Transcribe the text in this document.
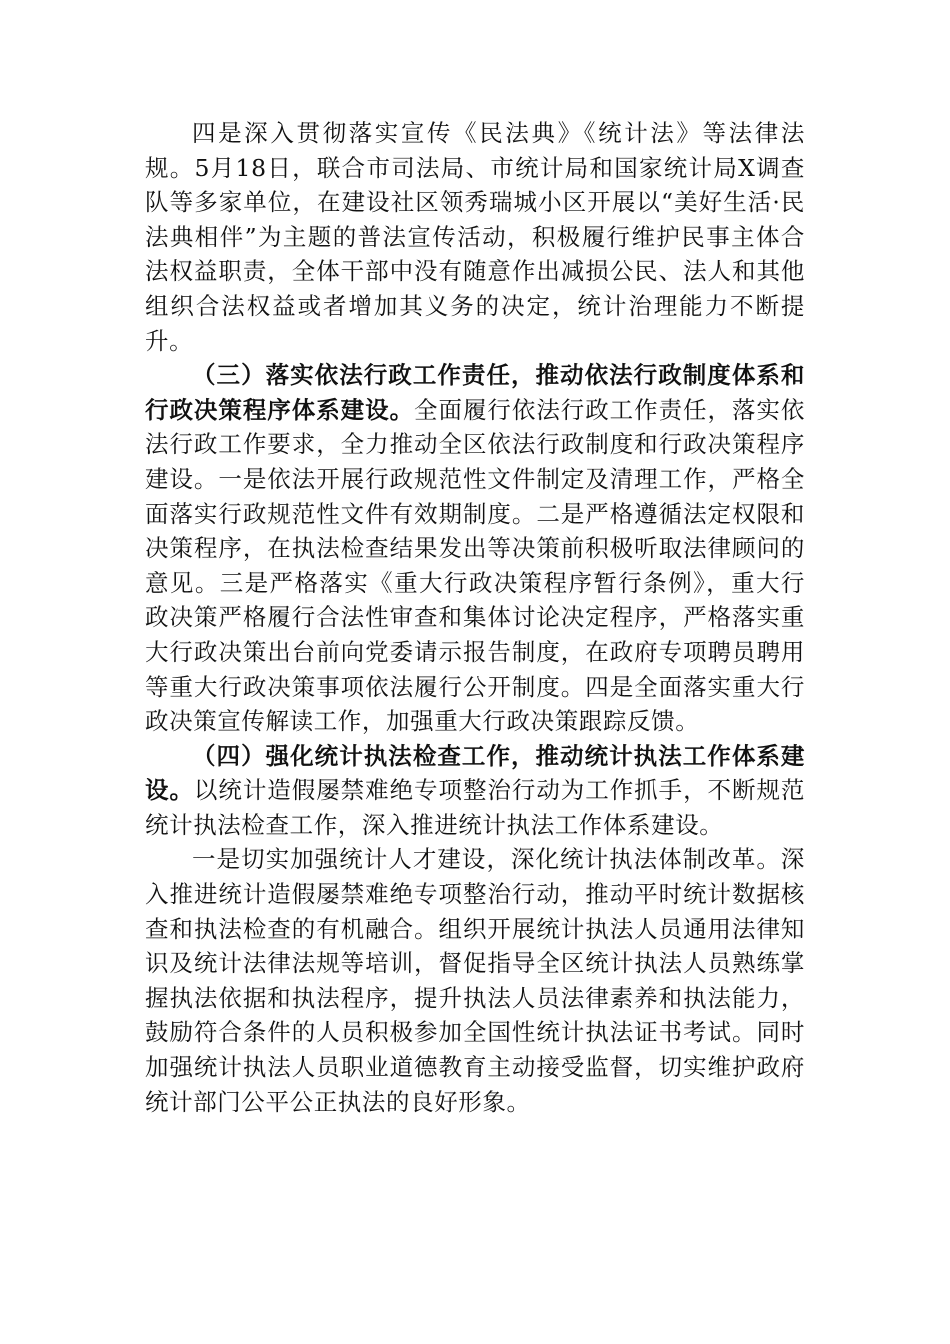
四是深入贯彻落实宣传《民法典》《统计法》等法律法规。5月18日，联合市司法局、市统计局和国家统计局X调查队等多家单位，在建设社区领秀瑞城小区开展以“美好生活·民法典相伴”为主题的普法宣传活动，积极履行维护民事主体合法权益职责，全体干部中没有随意作出减损公民、法人和其他组织合法权益或者增加其义务的决定，统计治理能力不断提升。

（三）落实依法行政工作责任，推动依法行政制度体系和行政决策程序体系建设。全面履行依法行政工作责任，落实依法行政工作要求，全力推动全区依法行政制度和行政决策程序建设。一是依法开展行政规范性文件制定及清理工作，严格全面落实行政规范性文件有效期制度。二是严格遵循法定权限和决策程序，在执法检查结果发出等决策前积极听取法律顾问的意见。三是严格落实《重大行政决策程序暂行条例》，重大行政决策严格履行合法性审查和集体讨论决定程序，严格落实重大行政决策出台前向党委请示报告制度，在政府专项聘员聘用等重大行政决策事项依法履行公开制度。四是全面落实重大行政决策宣传解读工作，加强重大行政决策跟踪反馈。

（四）强化统计执法检查工作，推动统计执法工作体系建设。以统计造假屡禁难绝专项整治行动为工作抓手，不断规范统计执法检查工作，深入推进统计执法工作体系建设。

一是切实加强统计人才建设，深化统计执法体制改革。深入推进统计造假屡禁难绝专项整治行动，推动平时统计数据核查和执法检查的有机融合。组织开展统计执法人员通用法律知识及统计法律法规等培训，督促指导全区统计执法人员熟练掌握执法依据和执法程序，提升执法人员法律素养和执法能力，鼓励符合条件的人员积极参加全国性统计执法证书考试。同时加强统计执法人员职业道德教育主动接受监督，切实维护政府统计部门公平公正执法的良好形象。
